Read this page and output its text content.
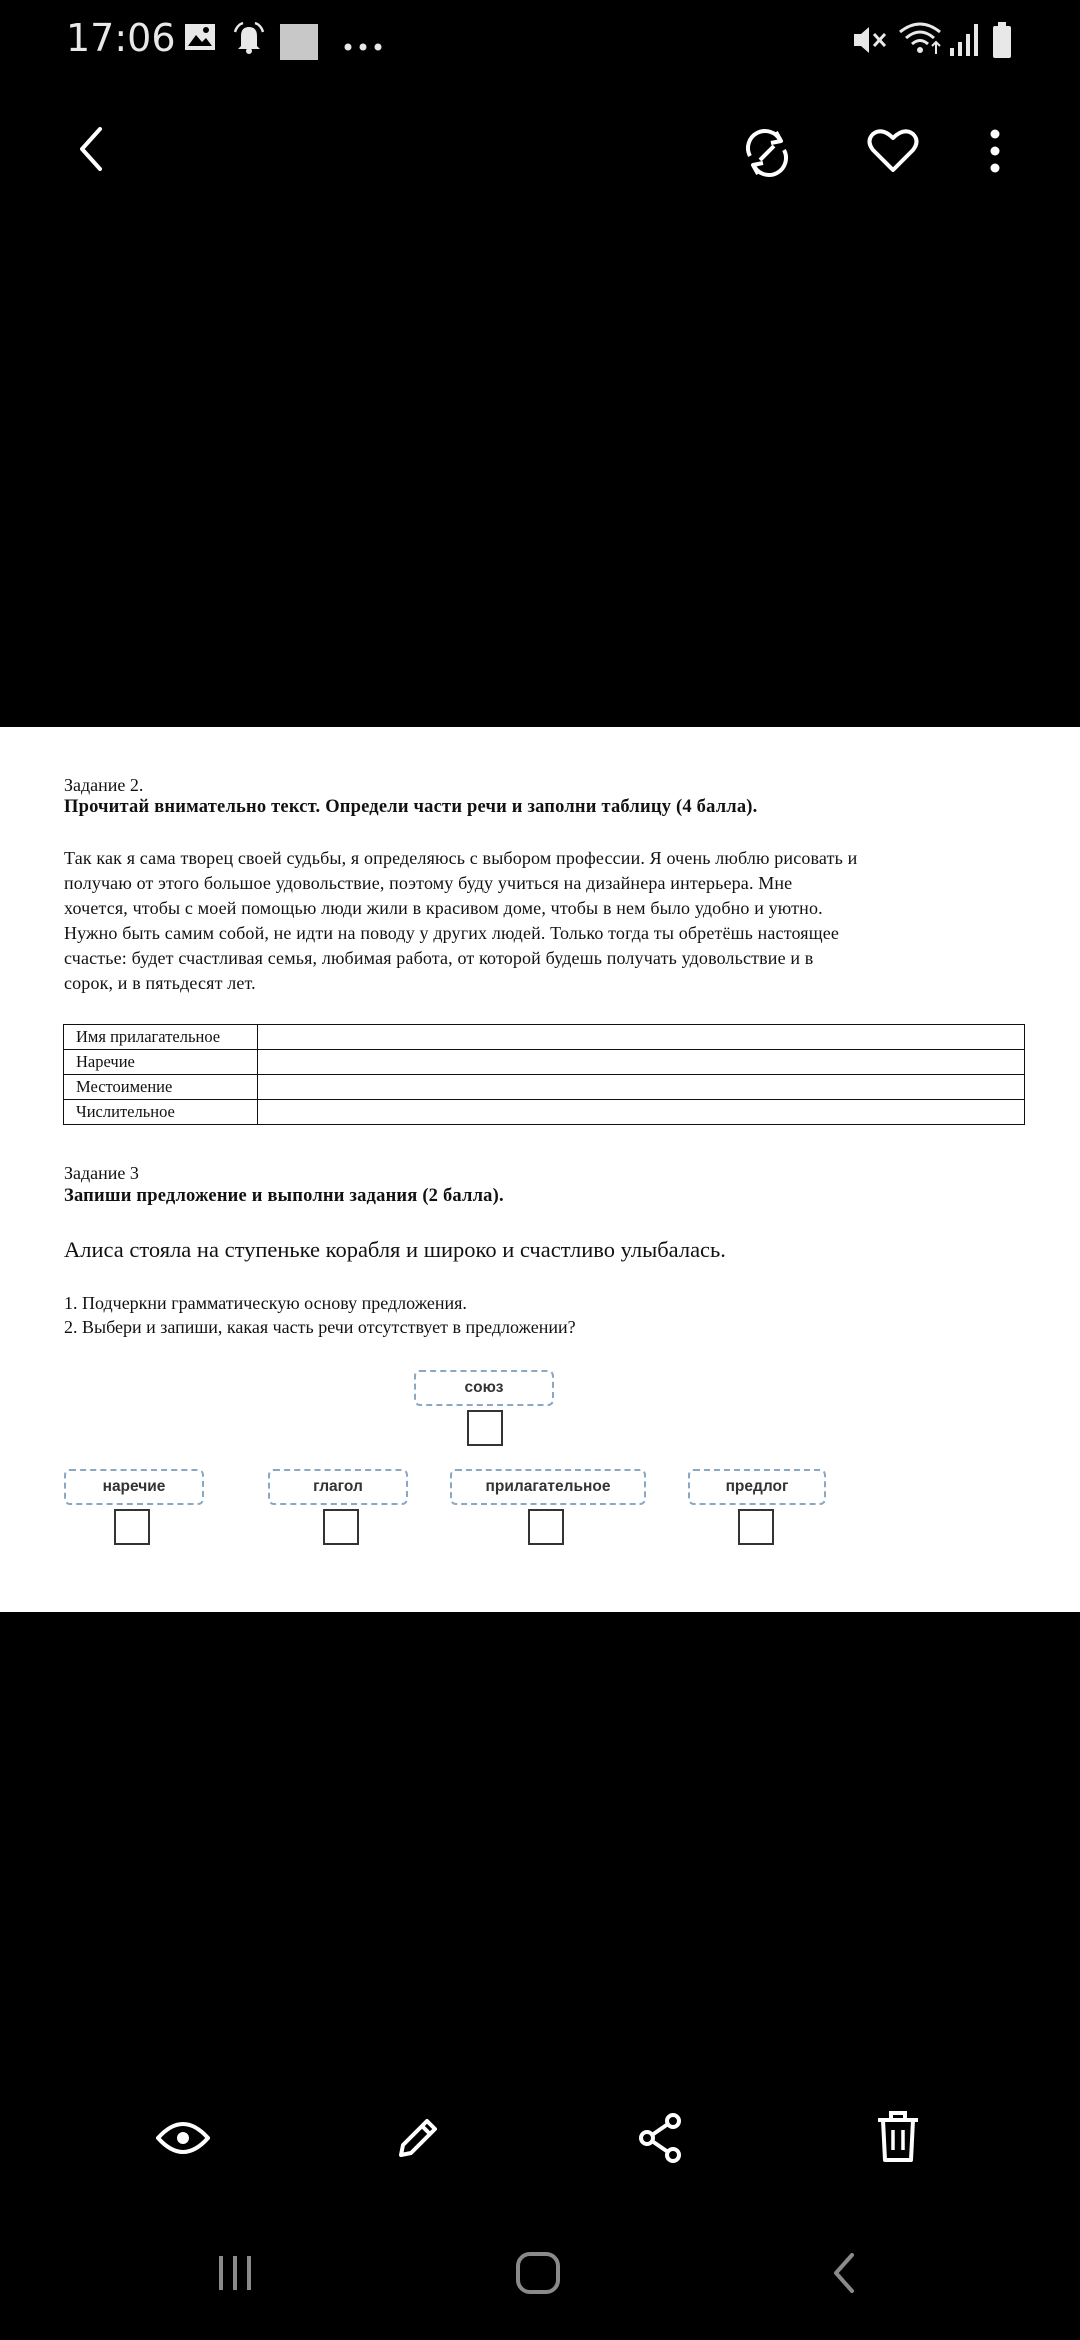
17:06
Задание 2.
Прочитай внимательно текст. Определи части речи и заполни таблицу (4 балла).
Так как я сама творец своей судьбы, я определяюсь с выбором профессии. Я очень люблю рисовать и
получаю от этого большое удовольствие, поэтому буду учиться на дизайнера интерьера. Мне
хочется, чтобы с моей помощью люди жили в красивом доме, чтобы в нем было удобно и уютно.
Нужно быть самим собой, не идти на поводу у других людей. Только тогда ты обретёшь настоящее
счастье: будет счастливая семья, любимая работа, от которой будешь получать удовольствие и в
сорок, и в пятьдесят лет.
Имя прилагательное	
Наречие	
Местоимение	
Числительное	
Задание 3
Запиши предложение и выполни задания (2 балла).
Алиса стояла на ступеньке корабля и широко и счастливо улыбалась.
1. Подчеркни грамматическую основу предложения.
2. Выбери и запиши, какая часть речи отсутствует в предложении?
союз
наречие	глагол	прилагательное	предлог
